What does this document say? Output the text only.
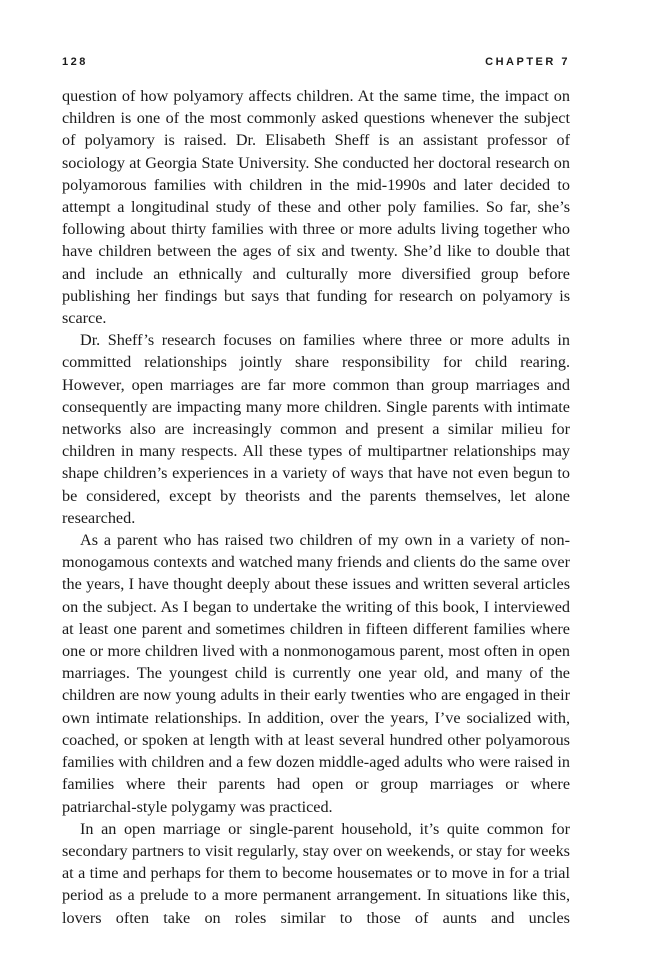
128	CHAPTER 7

question of how polyamory affects children. At the same time, the impact on children is one of the most commonly asked questions whenever the subject of polyamory is raised. Dr. Elisabeth Sheff is an assistant professor of sociology at Georgia State University. She conducted her doctoral research on polyamorous families with children in the mid-1990s and later decided to attempt a longitudinal study of these and other poly families. So far, she’s following about thirty families with three or more adults living together who have children between the ages of six and twenty. She’d like to double that and include an ethnically and culturally more diversified group before publishing her findings but says that funding for research on polyamory is scarce.

Dr. Sheff’s research focuses on families where three or more adults in committed relationships jointly share responsibility for child rearing. However, open marriages are far more common than group marriages and consequently are impacting many more children. Single parents with intimate networks also are increasingly common and present a similar milieu for children in many respects. All these types of multipartner relationships may shape children’s experiences in a variety of ways that have not even begun to be considered, except by theorists and the parents themselves, let alone researched.

As a parent who has raised two children of my own in a variety of nonmonogamous contexts and watched many friends and clients do the same over the years, I have thought deeply about these issues and written several articles on the subject. As I began to undertake the writing of this book, I interviewed at least one parent and sometimes children in fifteen different families where one or more children lived with a nonmonogamous parent, most often in open marriages. The youngest child is currently one year old, and many of the children are now young adults in their early twenties who are engaged in their own intimate relationships. In addition, over the years, I’ve socialized with, coached, or spoken at length with at least several hundred other polyamorous families with children and a few dozen middle-aged adults who were raised in families where their parents had open or group marriages or where patriarchal-style polygamy was practiced.

In an open marriage or single-parent household, it’s quite common for secondary partners to visit regularly, stay over on weekends, or stay for weeks at a time and perhaps for them to become housemates or to move in for a trial period as a prelude to a more permanent arrangement. In situations like this, lovers often take on roles similar to those of aunts and uncles
